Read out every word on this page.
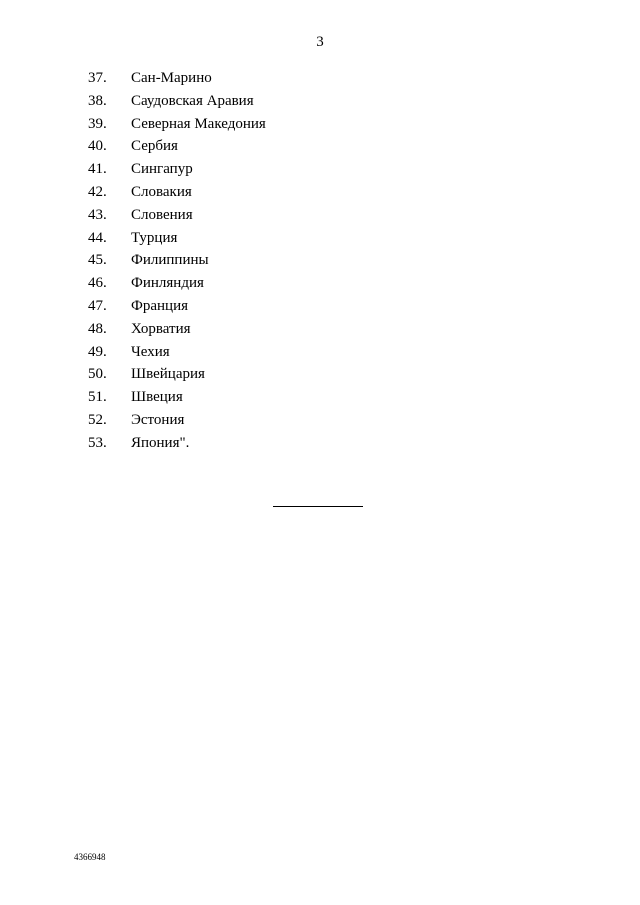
3
37.	Сан-Марино
38.	Саудовская Аравия
39.	Северная Македония
40.	Сербия
41.	Сингапур
42.	Словакия
43.	Словения
44.	Турция
45.	Филиппины
46.	Финляндия
47.	Франция
48.	Хорватия
49.	Чехия
50.	Швейцария
51.	Швеция
52.	Эстония
53.	Япония".
4366948
